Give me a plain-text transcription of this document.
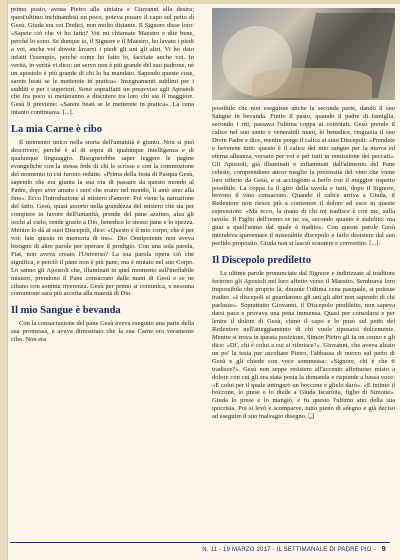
primo posto, avева Pietro alla sinistra e Giovanni alla destra; quest'ultimo inchinandosi un poco, poteva posare il capo sul petto di Gesù. Giuda era coi Dodici, non molto distante. Il Signore disse loro: «Sapete ciò che vi ho fatto? Voi mi chiamate Maestro e dite bene, perché lo sono. Se dunque io, il Signore e il Maestro, ho lavato i piedi a voi, anche voi dovete lavarvi i piedi gli uni gli altri. Vi ho dato infatti l'esempio, perché come ho fatto io, facciate anche voi. In verità, in verità vi dico: un servo non è più grande del suo padrone, né un apostolo è più grande di chi lo ha mandato. Sapendo queste cose, sarete beati se le metterete in pratica». Insegnamenti sublimi per i sudditi e per i superiori. Sono sopraffatti un preavviso agli Apostoli che fra poco si metteranno a discutere tra loro chi sia il maggiore. Gesù li previene: «Sarete beati se le metterete in pratica». La cena intanto continuava. [...].

La mia Carne è cibo

Il momento unico nella storia dell'umanità è giunto. Non si può descrivere, perché è al di sopra di qualunque intelligenza e di qualunque linguaggio. Bisognerebbe saper leggere le pagine evangeliche con la stessa fede di chi le scrisse e con la commozione del momento in cui furono redatte. «Prima della festa di Pasqua Gesù, sapendo che era giunta la sua ora di passare da questo mondo al Padre, dopo aver amato i suoi che erano nel mondo, li amò sino alla fine». Ecco l'introduzione al mistero d'amore. Poi viene la narrazione del fatto. Gesù, quasi assorto nella grandezza del mistero che sta per compiere in favore dell'umanità, prende del pane azzimo, alza gli occhi al cielo, rende grazie a Dio, benedice lo stesso pane e lo spezza. Mentre lo dà ai suoi Discepoli, dice: «Questo è il mio corpo, che è per voi; fate questo in memoria di me». Dio Onnipotente non aveva bisogno di altre parole per operare il prodigio. Con una sola parola, Fiat, non aveva creato l'Universo? La sua parola opera ciò che significa, e perciò il pane non è più pane, ma è mutato nel suo Corpo. Lo sanno gli Apostoli che, illuminati in quel momento sull'ineffabile mistero, prendono il Pane consacrato dalle mani di Gesù e se ne cibano con somma riverenza. Gesù per primo si comunica, e nessuna comunione sarà più accetta alla maestà di Dio.

Il mio Sangue è bevanda

Con la consacrazione del pane Gesù aveva eseguito una parte della sua promessa, e aveva dimostrato che la sua Carne era veramente cibo. Non era

possibile che non eseguisse anche la seconda parte, dando il suo Sangue in bevanda. Finito il pasto, quando il padre di famiglia, secondo i riti, passava l'ultima coppa ai convitati, Gesù prende il calice nel suo santo e venerabili mani, lo benedice, ringrazia il suo Divin Padre e dice, mentre porge il calice ai suoi Discepoli: «Prendete e bevetene tutti: questo è il calice del mio sangue per la nuova ed eterna alleanza, versato per voi e per tutti in remissione dei peccati». Gli Apostoli, già illuminati e infiammati dall'alimento del Pane celeste, comprendono ancor meglio la preziosità del vino che viene loro offerto da Gesù, e si accingono a berlo con il maggior rispetto possibile. La coppa fa il giro della tavola e tutti, dopo il Signore, bevono il vino consacrato. Quando il calice arriva a Giuda, il Redentore non riesce più a contenere il dolore ed esce in queste espressioni: «Ma ecco, la mano di chi mi tradisce è con me, sulla tavola. Il Figlio dell'uomo se ne va, secondo quanto è stabilito: ma guai a quell'uomo dal quale è tradito». Con queste parole Gesù intendeva spaventare il miserabile discepolo e farlo desistere dal suo perfido proposito. Giuda non si lasciò scuotere e convertire. [...].

Il Discepolo prediletto

Le ultime parole pronunciate dal Signore e indirizzate al traditore ferirono gli Apostoli nel loro affetto verso il Maestro. Sembrava loro impossibile che proprio là, durante l'ultima cena pasquale, si potesse tradire. «I discepoli si guardarono gli uni gli altri non sapendo di chi parlasse». Soprattutto Giovanni, il Discepolo prediletto, non sapeva darsi pace e provava una pena immensa. Quasi per consolarsi e per lenire il dolore di Gesù, chinò il capo e lo posò sul petto del Redentore nell'atteggiamento di chi vuole riposarsi dolcemente. Mentre si trova in questa posizione, Simon Pietro gli fa un cenno e gli dice: «Di', chi è colui a cui si riferisce?». Giovanni, che aveva alzato un po' la testa per ascoltare Pietro, l'abbassa di nuovo sul petto di Gesù e gli chiede con voce sommessa: «Signore, chi è che ti tradisce?». Gesù non seppe resistere all'accento affettuoso misto a dolore con cui gli era stata posta la domanda e risponde a bassa voce: «È colui per il quale intingerò un boccone e glielo darò». «E intinto il boccone, lo prese e lo diede a Giuda Iscariota, figlio di Simone». Giuda lo prese e lo mangiò, e fu questo l'ultimo atto della sua ipocrisia. Poi si levò e scomparve, tutto pieno di sdegno e già deciso ad eseguire il suo malvagio disegno. ❑

N. 11 - 19 MARZO 2017 - IL SETTIMANALE DI PADRE PIO - 9
